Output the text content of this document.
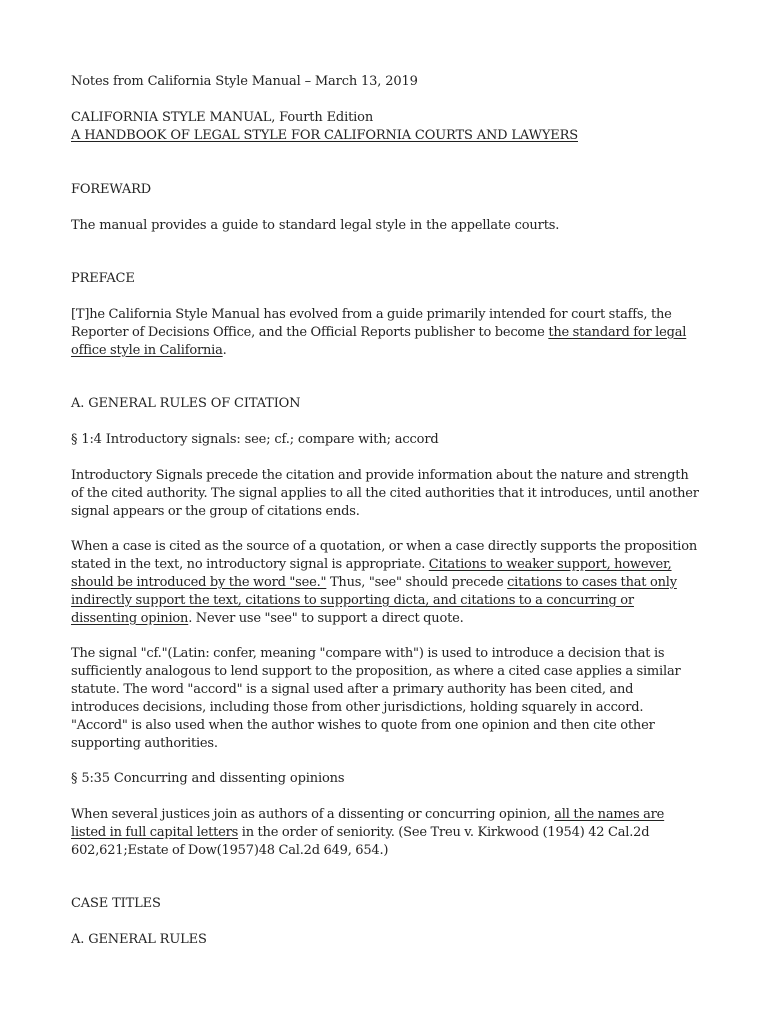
Notes from California Style Manual – March 13, 2019
CALIFORNIA STYLE MANUAL, Fourth Edition
A HANDBOOK OF LEGAL STYLE FOR CALIFORNIA COURTS AND LAWYERS
FOREWARD
The manual provides a guide to standard legal style in the appellate courts.
PREFACE
[T]he California Style Manual has evolved from a guide primarily intended for court staffs, the Reporter of Decisions Office, and the Official Reports publisher to become the standard for legal office style in California.
A. GENERAL RULES OF CITATION
§ 1:4 Introductory signals: see; cf.; compare with; accord
Introductory Signals precede the citation and provide information about the nature and strength of the cited authority. The signal applies to all the cited authorities that it introduces, until another signal appears or the group of citations ends.
When a case is cited as the source of a quotation, or when a case directly supports the proposition stated in the text, no introductory signal is appropriate. Citations to weaker support, however, should be introduced by the word "see." Thus, "see" should precede citations to cases that only indirectly support the text, citations to supporting dicta, and citations to a concurring or dissenting opinion. Never use "see" to support a direct quote.
The signal "cf."(Latin: confer, meaning "compare with") is used to introduce a decision that is sufficiently analogous to lend support to the proposition, as where a cited case applies a similar statute. The word "accord" is a signal used after a primary authority has been cited, and introduces decisions, including those from other jurisdictions, holding squarely in accord. "Accord" is also used when the author wishes to quote from one opinion and then cite other supporting authorities.
§ 5:35 Concurring and dissenting opinions
When several justices join as authors of a dissenting or concurring opinion, all the names are listed in full capital letters in the order of seniority. (See Treu v. Kirkwood (1954) 42 Cal.2d 602,621;Estate of Dow(1957)48 Cal.2d 649, 654.)
CASE TITLES
A. GENERAL RULES
